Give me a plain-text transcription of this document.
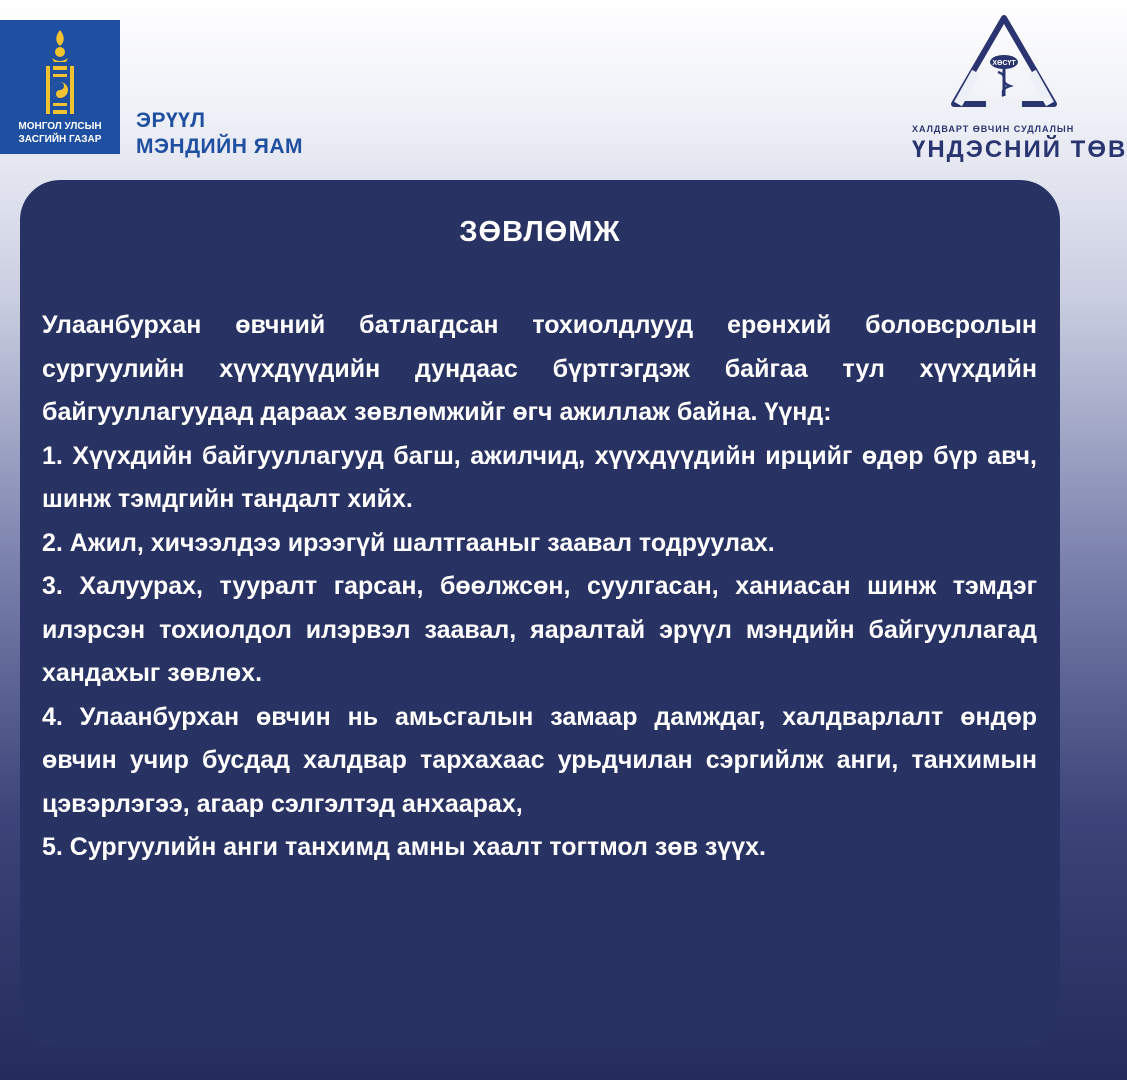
МОНГОЛ УЛСЫН
ЗАСГИЙН ГАЗАР
ЭРҮҮЛ
МЭНДИЙН ЯАМ
ХӨСҮТ
ХАЛДВАРТ ӨВЧИН СУДЛАЛЫН
ҮНДЭСНИЙ ТӨВ
ЗӨВЛӨМЖ

Улаанбурхан өвчний батлагдсан тохиолдлууд ерөнхий боловсролын сургуулийн хүүхдүүдийн дундаас бүртгэгдэж байгаа тул хүүхдийн байгууллагуудад дараах зөвлөмжийг өгч ажиллаж байна. Үүнд:

1. Хүүхдийн байгууллагууд багш, ажилчид, хүүхдүүдийн ирцийг өдөр бүр авч, шинж тэмдгийн тандалт хийх.

2. Ажил, хичээлдээ ирээгүй шалтгааныг заавал тодруулах.

3. Халуурах, тууралт гарсан, бөөлжсөн, суулгасан, ханиасан шинж тэмдэг илэрсэн тохиолдол илэрвэл заавал, яаралтай эрүүл мэндийн байгууллагад хандахыг зөвлөх.

4. Улаанбурхан өвчин нь амьсгалын замаар дамждаг, халдварлалт өндөр өвчин учир бусдад халдвар тархахаас урьдчилан сэргийлж анги, танхимын цэвэрлэгээ, агаар сэлгэлтэд анхаарах,

5. Сургуулийн анги танхимд амны хаалт тогтмол зөв зүүх.
